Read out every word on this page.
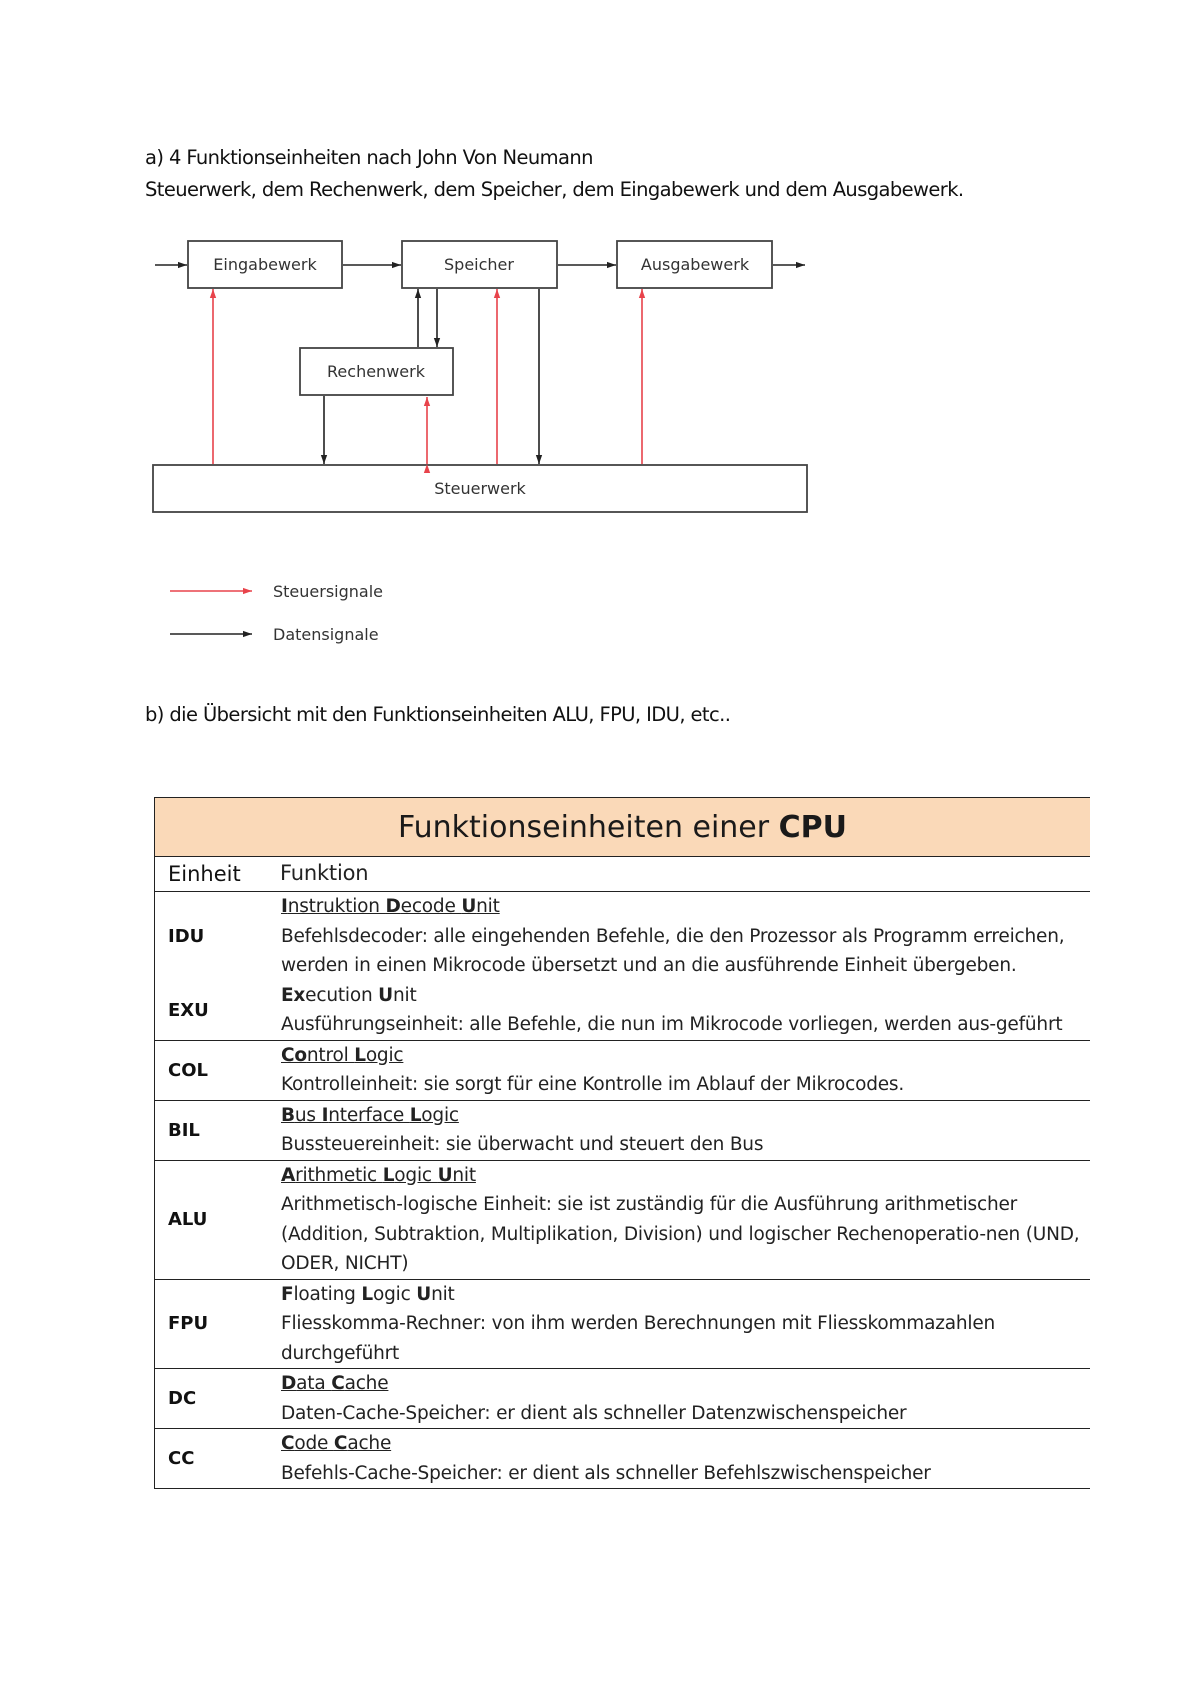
a) 4 Funktionseinheiten nach John Von Neumann
Steuerwerk, dem Rechenwerk, dem Speicher, dem Eingabewerk und dem Ausgabewerk.
Eingabewerk	Speicher	Ausgabewerk
Rechenwerk
Steuerwerk
Steuersignale
Datensignale
b) die Übersicht mit den Funktionseinheiten ALU, FPU, IDU, etc..
Funktionseinheiten einer CPU	
Einheit	Funktion
IDU	Instruktion Decode Unit
Befehlsdecoder: alle eingehenden Befehle, die den Prozessor als Programm erreichen, werden in einen Mikrocode übersetzt und an die ausführende Einheit übergeben.

EXU	Execution Unit
Ausführungseinheit: alle Befehle, die nun im Mikrocode vorliegen, werden aus-geführt

COL	Control Logic
Kontrolleinheit: sie sorgt für eine Kontrolle im Ablauf der Mikrocodes.

BIL	Bus Interface Logic
Bussteuereinheit: sie überwacht und steuert den Bus

ALU	Arithmetic Logic Unit
Arithmetisch-logische Einheit: sie ist zuständig für die Ausführung arithmetischer (Addition, Subtraktion, Multiplikation, Division) und logischer Rechenoperatio-nen (UND, ODER, NICHT)

FPU	Floating Logic Unit
Fliesskomma-Rechner: von ihm werden Berechnungen mit Fliesskommazahlen durchgeführt

DC	Data Cache
Daten-Cache-Speicher: er dient als schneller Datenzwischenspeicher

CC	Code Cache
Befehls-Cache-Speicher: er dient als schneller Befehlszwischenspeicher
